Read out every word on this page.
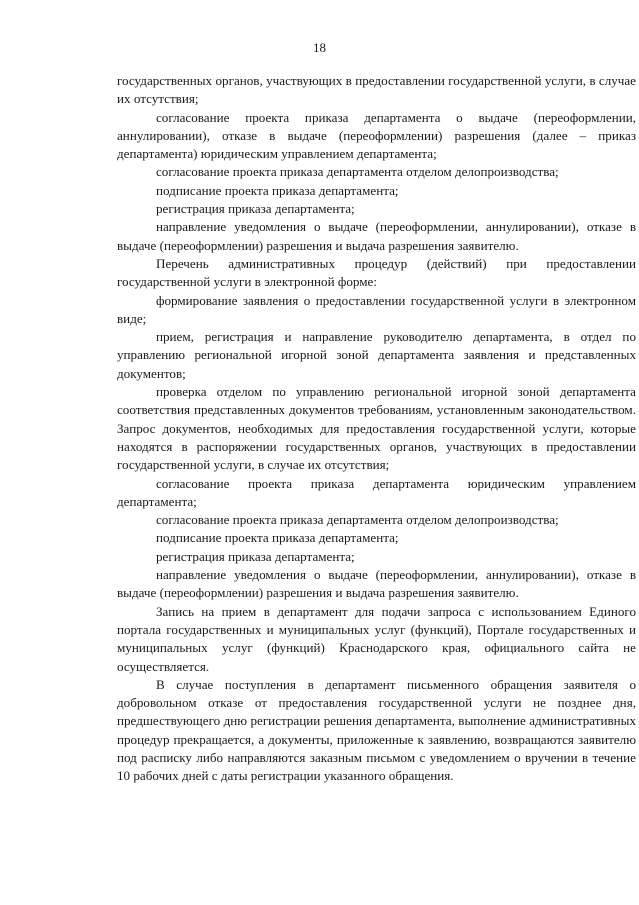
18

государственных органов, участвующих в предоставлении государственной услуги, в случае их отсутствия;

согласование проекта приказа департамента о выдаче (переоформлении, аннулировании), отказе в выдаче (переоформлении) разрешения (далее – приказ департамента) юридическим управлением департамента;

согласование проекта приказа департамента отделом делопроизводства;

подписание проекта приказа департамента;

регистрация приказа департамента;

направление уведомления о выдаче (переоформлении, аннулировании), отказе в выдаче (переоформлении) разрешения и выдача разрешения заявителю.

Перечень административных процедур (действий) при предоставлении государственной услуги в электронной форме:

формирование заявления о предоставлении государственной услуги в электронном виде;

прием, регистрация и направление руководителю департамента, в отдел по управлению региональной игорной зоной департамента заявления и представленных документов;

проверка отделом по управлению региональной игорной зоной департамента соответствия представленных документов требованиям, установленным законодательством. Запрос документов, необходимых для предоставления государственной услуги, которые находятся в распоряжении государственных органов, участвующих в предоставлении государственной услуги, в случае их отсутствия;

согласование проекта приказа департамента юридическим управлением департамента;

согласование проекта приказа департамента отделом делопроизводства;

подписание проекта приказа департамента;

регистрация приказа департамента;

направление уведомления о выдаче (переоформлении, аннулировании), отказе в выдаче (переоформлении) разрешения и выдача разрешения заявителю.

Запись на прием в департамент для подачи запроса с использованием Единого портала государственных и муниципальных услуг (функций), Портале государственных и муниципальных услуг (функций) Краснодарского края, официального сайта не осуществляется.

В случае поступления в департамент письменного обращения заявителя о добровольном отказе от предоставления государственной услуги не позднее дня, предшествующего дню регистрации решения департамента, выполнение административных процедур прекращается, а документы, приложенные к заявлению, возвращаются заявителю под расписку либо направляются заказным письмом с уведомлением о вручении в течение 10 рабочих дней с даты регистрации указанного обращения.
